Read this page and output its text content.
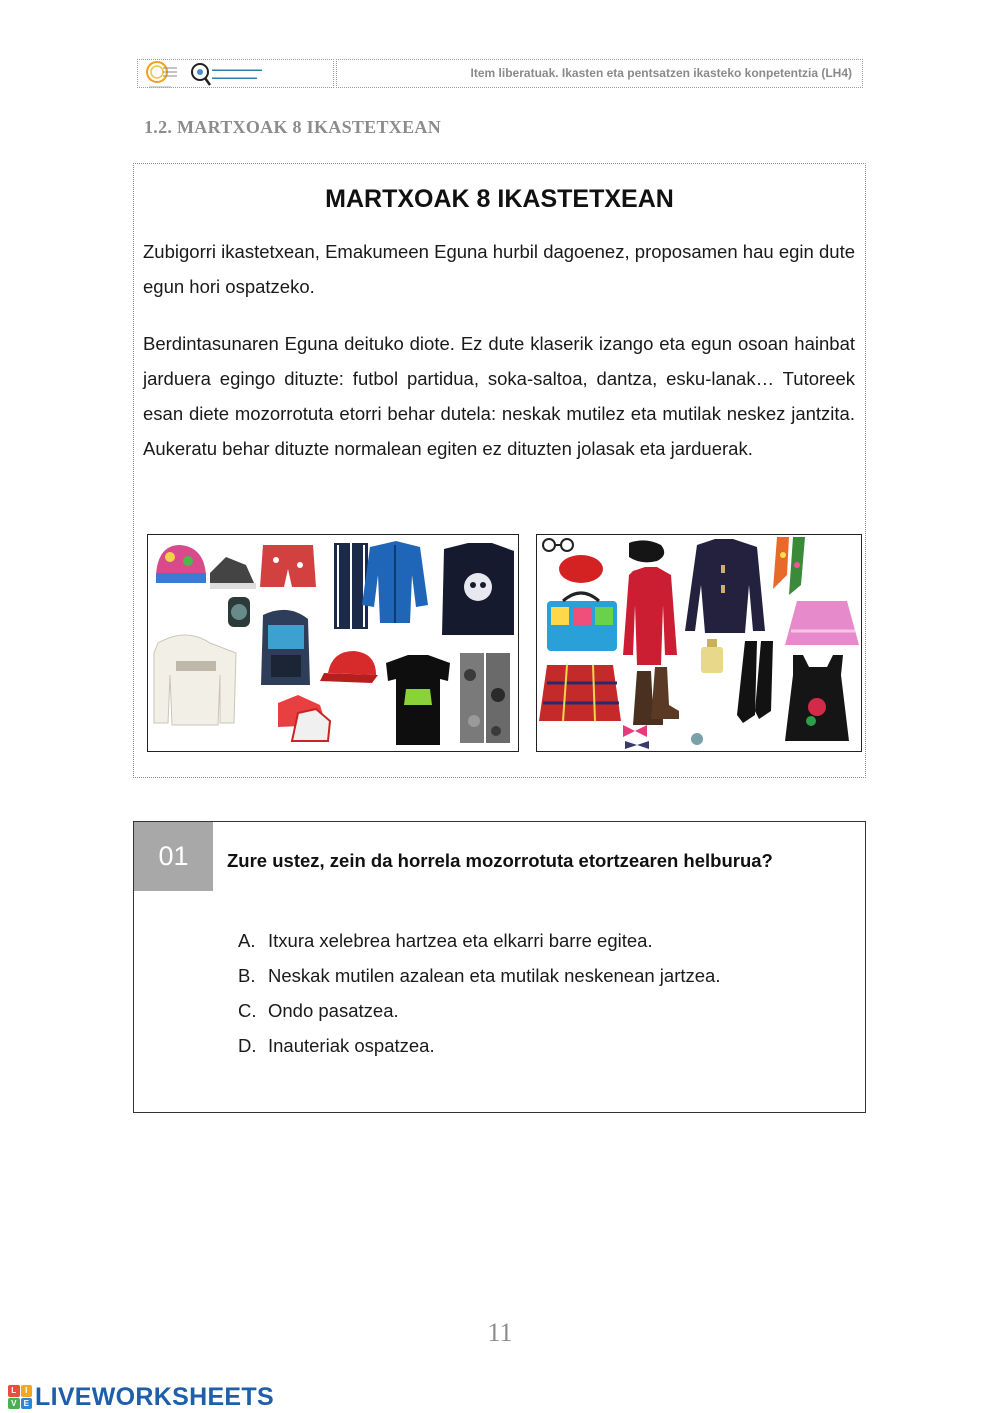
▬▬▬▬▬▬▬▬▬▬
▬▬▬▬▬▬▬▬▬	Item liberatuak. Ikasten eta pentsatzen ikasteko konpetentzia (LH4)
1.2. MARTXOAK 8 IKASTETXEAN
MARTXOAK 8 IKASTETXEAN

Zubigorri ikastetxean, Emakumeen Eguna hurbil dagoenez, proposamen hau egin dute egun hori ospatzeko.

Berdintasunaren Eguna deituko diote. Ez dute klaserik izango eta egun osoan hainbat jarduera egingo dituzte: futbol partidua, soka-saltoa, dantza, esku-lanak… Tutoreek esan diete mozorrotuta etorri behar dutela: neskak mutilez eta mutilak neskez jantzita. Aukeratu behar dituzte normalean egiten ez dituzten jolasak eta jarduerak.

01	Zure ustez, zein da horrela mozorrotuta etortzearen helburua?
A. Itxura xelebrea hartzea eta elkarri barre egitea.
B. Neskak mutilen azalean eta mutilak neskenean jartzea.
C. Ondo pasatzea.
D. Inauteriak ospatzea.
11
L	I
V E LIVEWORKSHEETS
